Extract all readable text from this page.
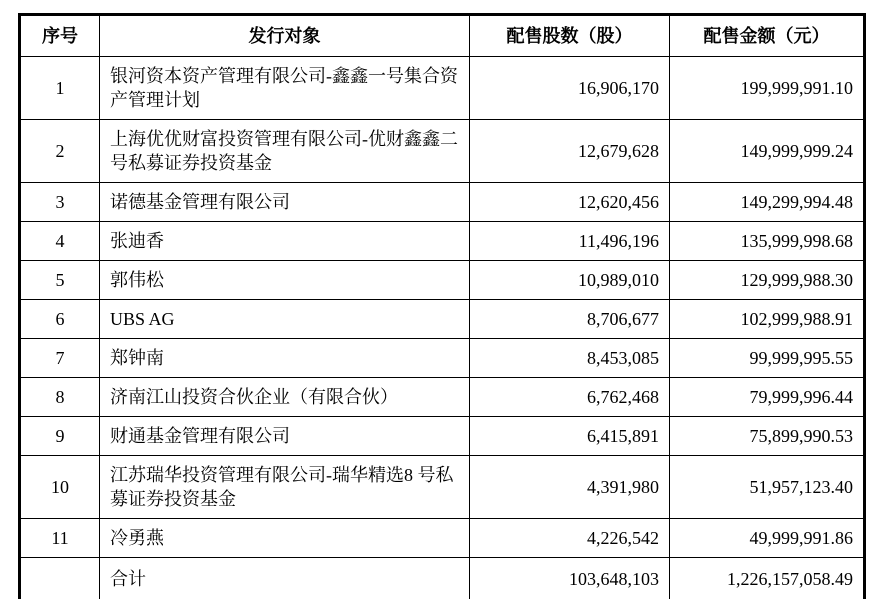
序号	发行对象	配售股数（股）	配售金额（元）
1	银河资本资产管理有限公司-鑫鑫一号集合资产管理计划	16,906,170	199,999,991.10
2	上海优优财富投资管理有限公司-优财鑫鑫二号私募证券投资基金	12,679,628	149,999,999.24
3	诺德基金管理有限公司	12,620,456	149,299,994.48
4	张迪香	11,496,196	135,999,998.68
5	郭伟松	10,989,010	129,999,988.30
6	UBS AG	8,706,677	102,999,988.91
7	郑钟南	8,453,085	99,999,995.55
8	济南江山投资合伙企业（有限合伙）	6,762,468	79,999,996.44
9	财通基金管理有限公司	6,415,891	75,899,990.53
10	江苏瑞华投资管理有限公司-瑞华精选8 号私募证券投资基金	4,391,980	51,957,123.40
11	冷勇燕	4,226,542	49,999,991.86
	合计	103,648,103	1,226,157,058.49
